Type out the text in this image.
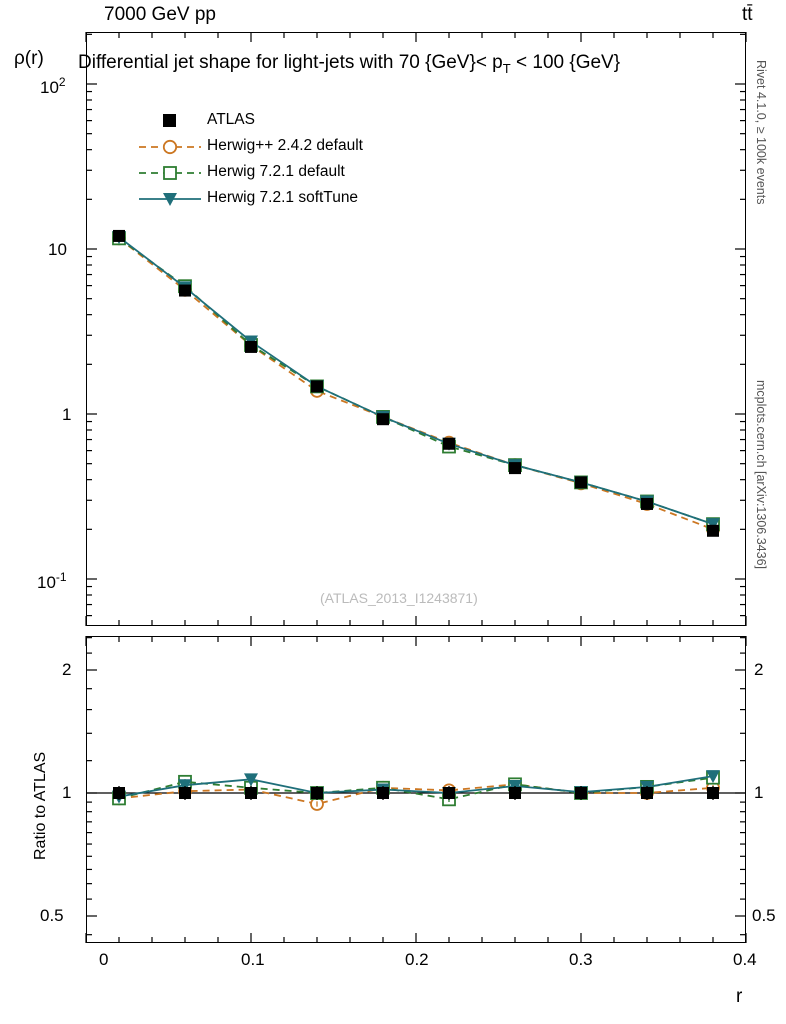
7000 GeV pp	tt̄
Differential jet shape for light-jets with 70 $\{GeV\}< p_T < 100$ {GeV}
ρ(r)
$10^2$
10
1
$10^{-1}$
(ATLAS_2013_I1243871)
ATLAS
Herwig++ 2.4.2 default
Herwig 7.2.1 default
Herwig 7.2.1 softTune	Rivet 4.1.0, ≥ 100k events
mcplots.cern.ch [arXiv:1306.3436]
2
1
0.5
2
1
0.5
Ratio to ATLAS
0	0.1	0.2	0.3	0.4
r
